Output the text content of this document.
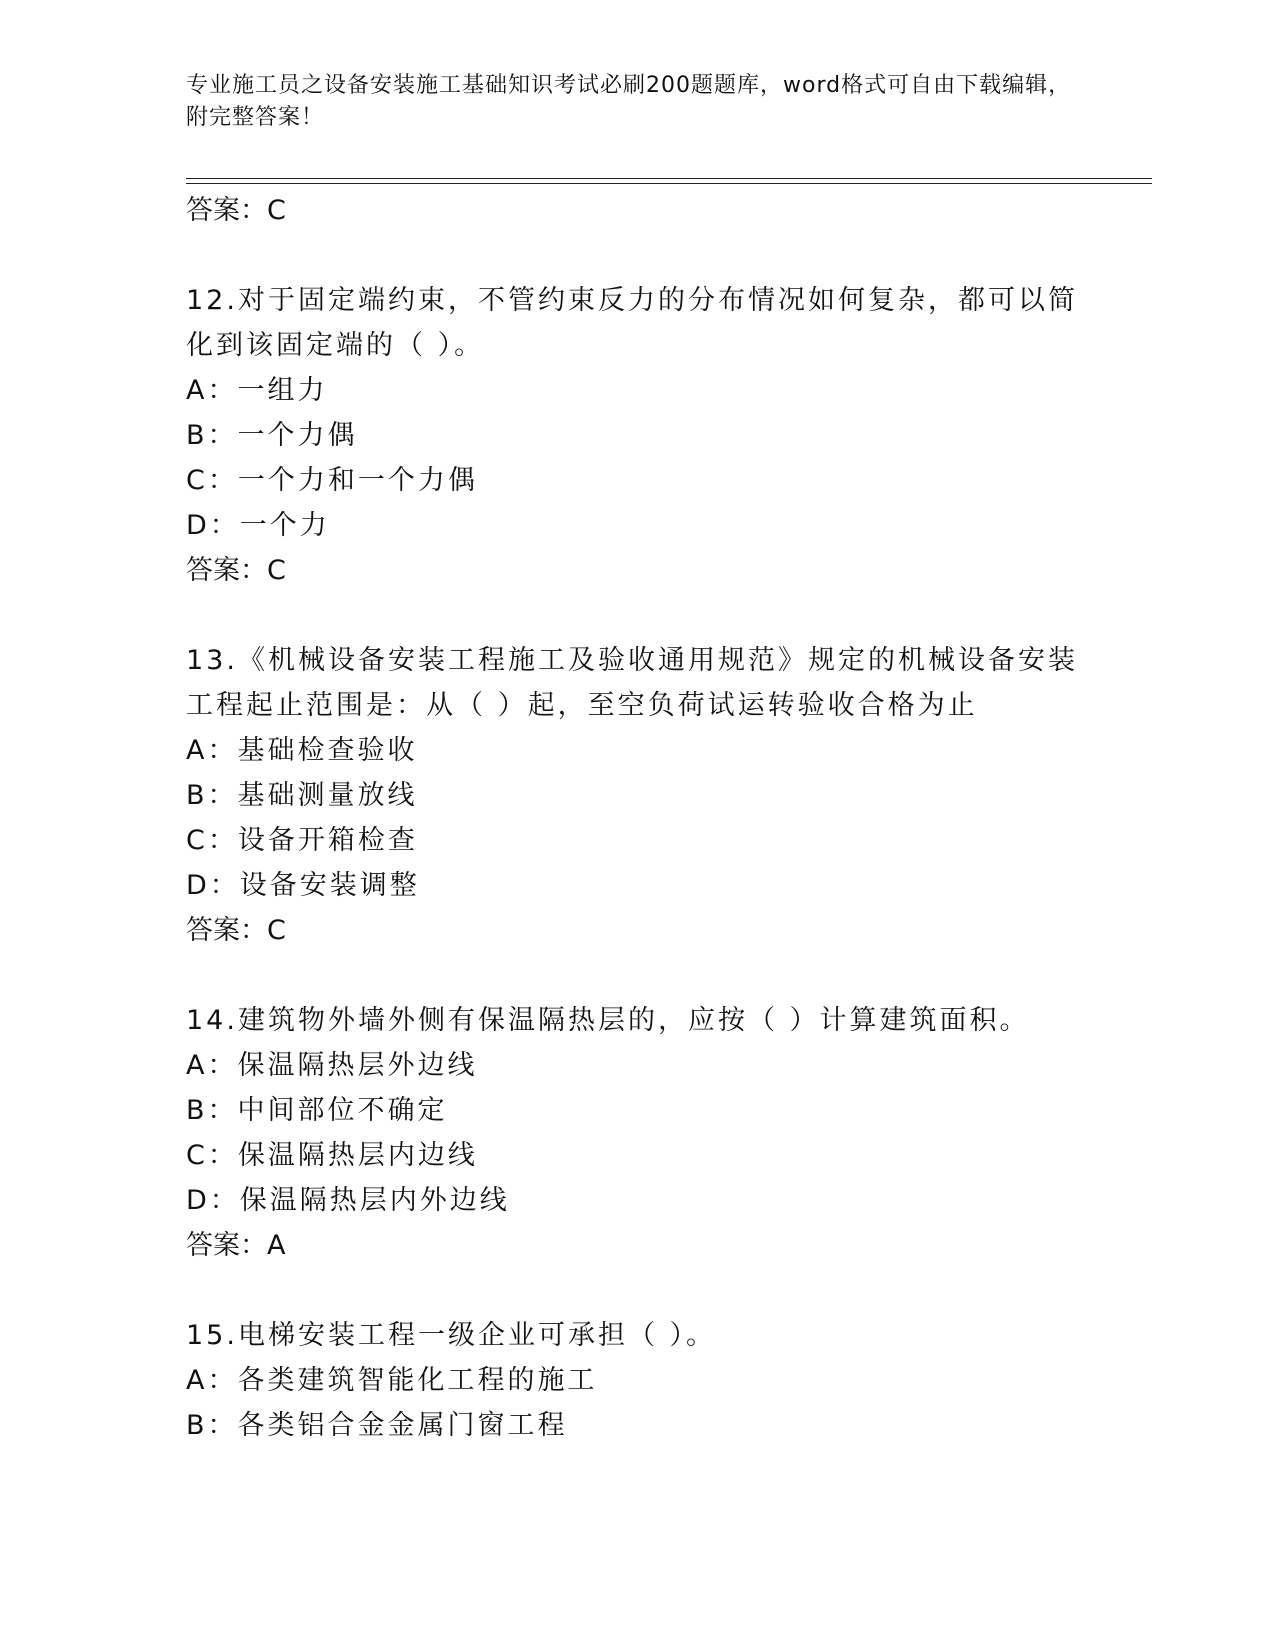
专业施工员之设备安装施工基础知识考试必刷200题题库，word格式可自由下载编辑，附完整答案！
答案：C
12.对于固定端约束，不管约束反力的分布情况如何复杂，都可以简化到该固定端的（ ）。
A：一组力
B：一个力偶
C：一个力和一个力偶
D：一个力
答案：C
13.《机械设备安装工程施工及验收通用规范》规定的机械设备安装工程起止范围是：从（ ）起，至空负荷试运转验收合格为止
A：基础检查验收
B：基础测量放线
C：设备开箱检查
D：设备安装调整
答案：C
14.建筑物外墙外侧有保温隔热层的，应按（ ）计算建筑面积。
A：保温隔热层外边线
B：中间部位不确定
C：保温隔热层内边线
D：保温隔热层内外边线
答案：A
15.电梯安装工程一级企业可承担（ ）。
A：各类建筑智能化工程的施工
B：各类铝合金金属门窗工程
